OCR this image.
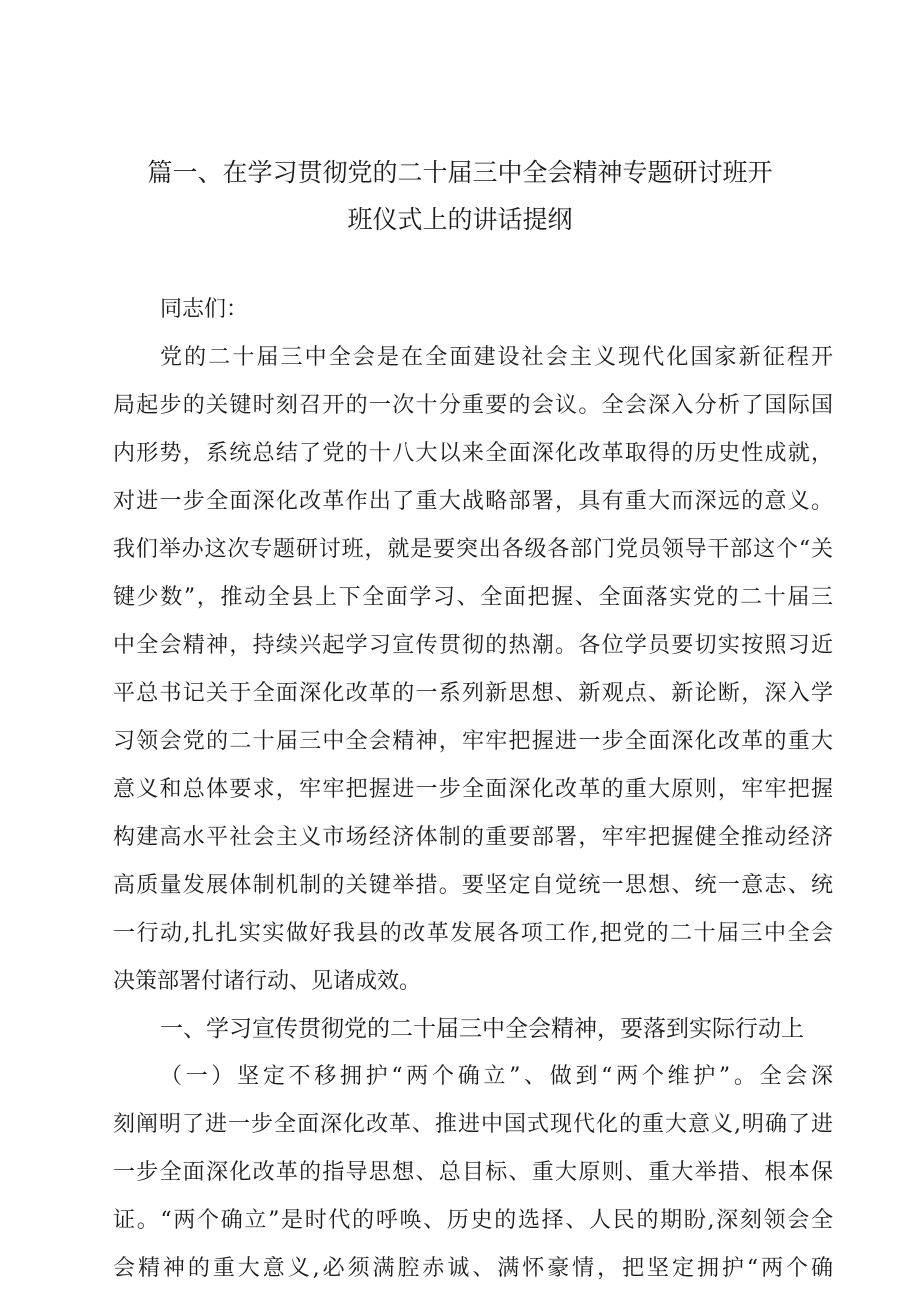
篇一、在学习贯彻党的二十届三中全会精神专题研讨班开
班仪式上的讲话提纲
同志们：
党的二十届三中全会是在全面建设社会主义现代化国家新征程开
局起步的关键时刻召开的一次十分重要的会议。全会深入分析了国际国
内形势，系统总结了党的十八大以来全面深化改革取得的历史性成就，
对进一步全面深化改革作出了重大战略部署，具有重大而深远的意义。
我们举办这次专题研讨班，就是要突出各级各部门党员领导干部这个“关
键少数”，推动全县上下全面学习、全面把握、全面落实党的二十届三
中全会精神，持续兴起学习宣传贯彻的热潮。各位学员要切实按照习近
平总书记关于全面深化改革的一系列新思想、新观点、新论断，深入学
习领会党的二十届三中全会精神，牢牢把握进一步全面深化改革的重大
意义和总体要求，牢牢把握进一步全面深化改革的重大原则，牢牢把握
构建高水平社会主义市场经济体制的重要部署，牢牢把握健全推动经济
高质量发展体制机制的关键举措。要坚定自觉统一思想、统一意志、统
一行动,扎扎实实做好我县的改革发展各项工作,把党的二十届三中全会
决策部署付诸行动、见诸成效。
一、学习宣传贯彻党的二十届三中全会精神，要落到实际行动上
（一）坚定不移拥护“两个确立”、做到“两个维护”。全会深
刻阐明了进一步全面深化改革、推进中国式现代化的重大意义,明确了进
一步全面深化改革的指导思想、总目标、重大原则、重大举措、根本保
证。“两个确立”是时代的呼唤、历史的选择、人民的期盼,深刻领会全
会精神的重大意义,必须满腔赤诚、满怀豪情，把坚定拥护“两个确
